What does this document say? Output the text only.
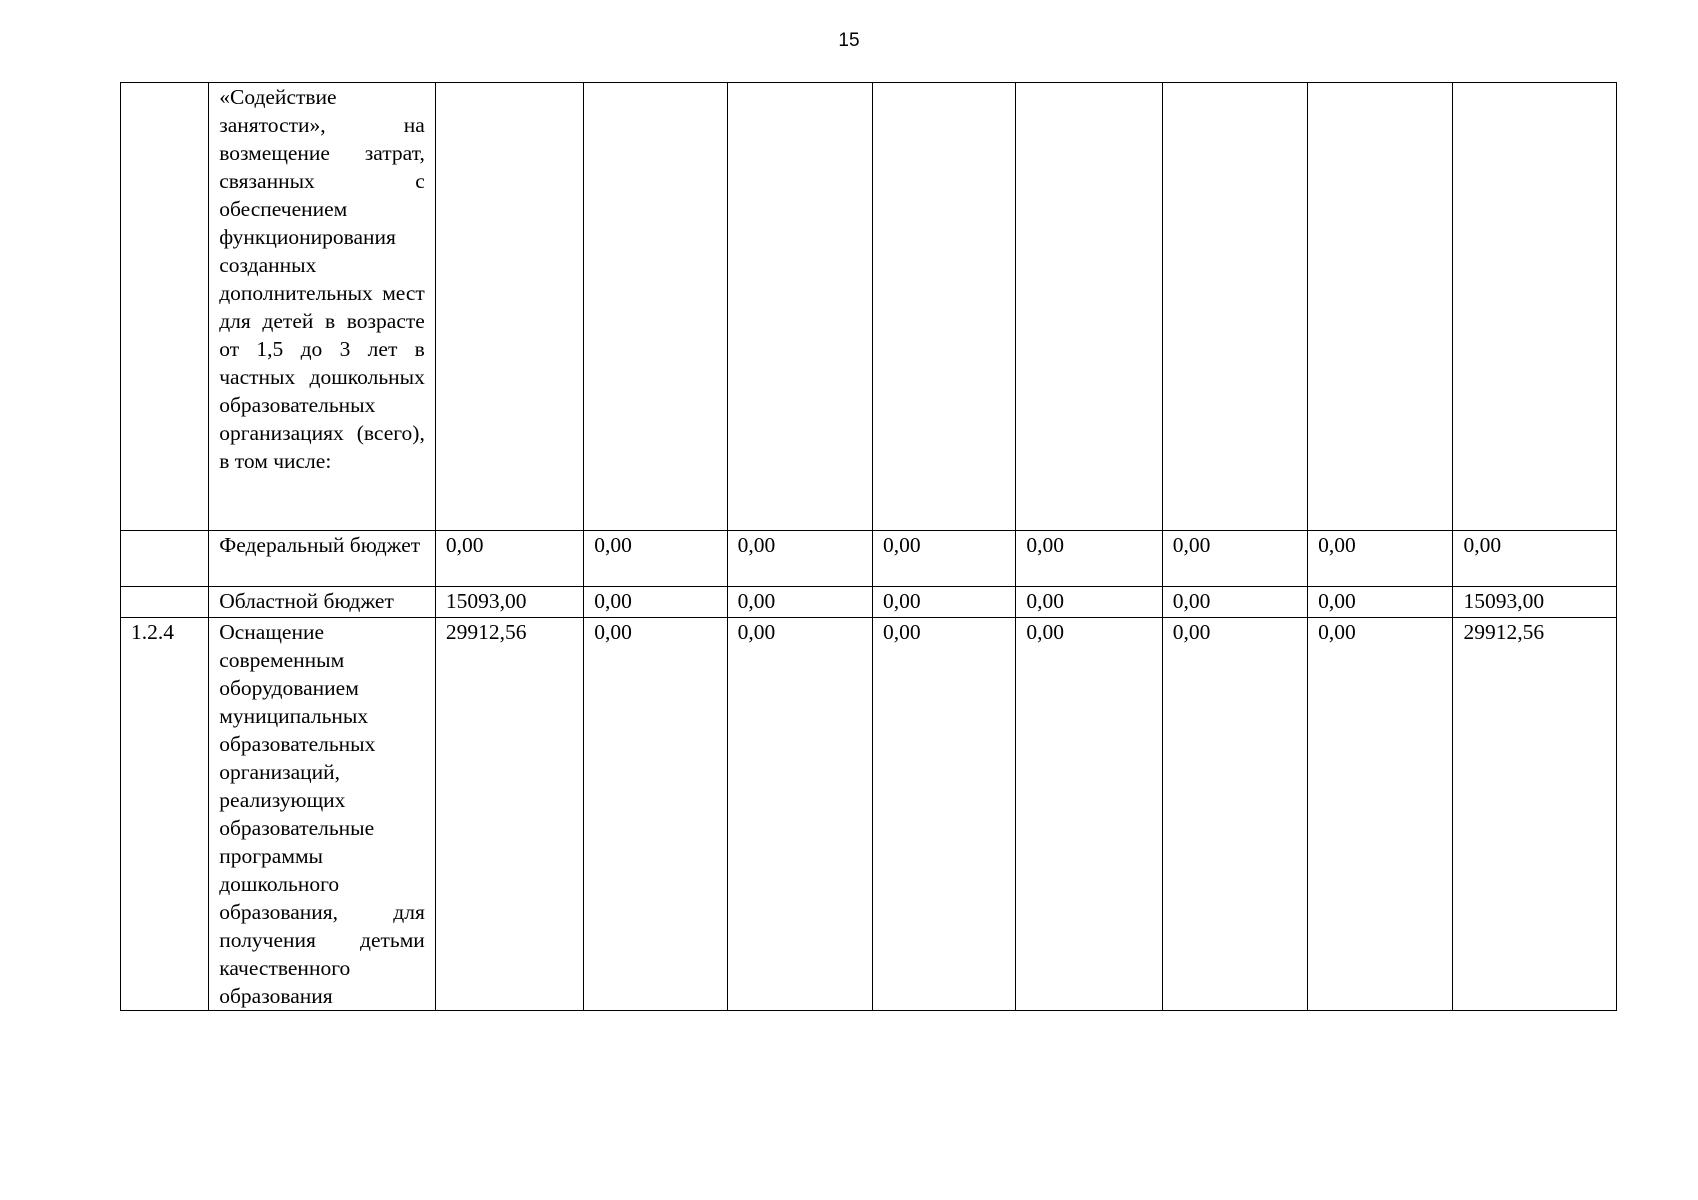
15
	«Содействие занятости», на возмещение затрат, связанных с обеспечением функционирования созданных дополнительных мест для детей в возрасте от 1,5 до 3 лет в частных дошкольных образовательных организациях (всего), в том числе:								
	Федеральный бюджет	0,00	0,00	0,00	0,00	0,00	0,00	0,00	0,00
	Областной бюджет	15093,00	0,00	0,00	0,00	0,00	0,00	0,00	15093,00
1.2.4	Оснащение современным оборудованием муниципальных образовательных организаций, реализующих образовательные программы дошкольного образования, для получения детьми качественного образования	29912,56	0,00	0,00	0,00	0,00	0,00	0,00	29912,56
